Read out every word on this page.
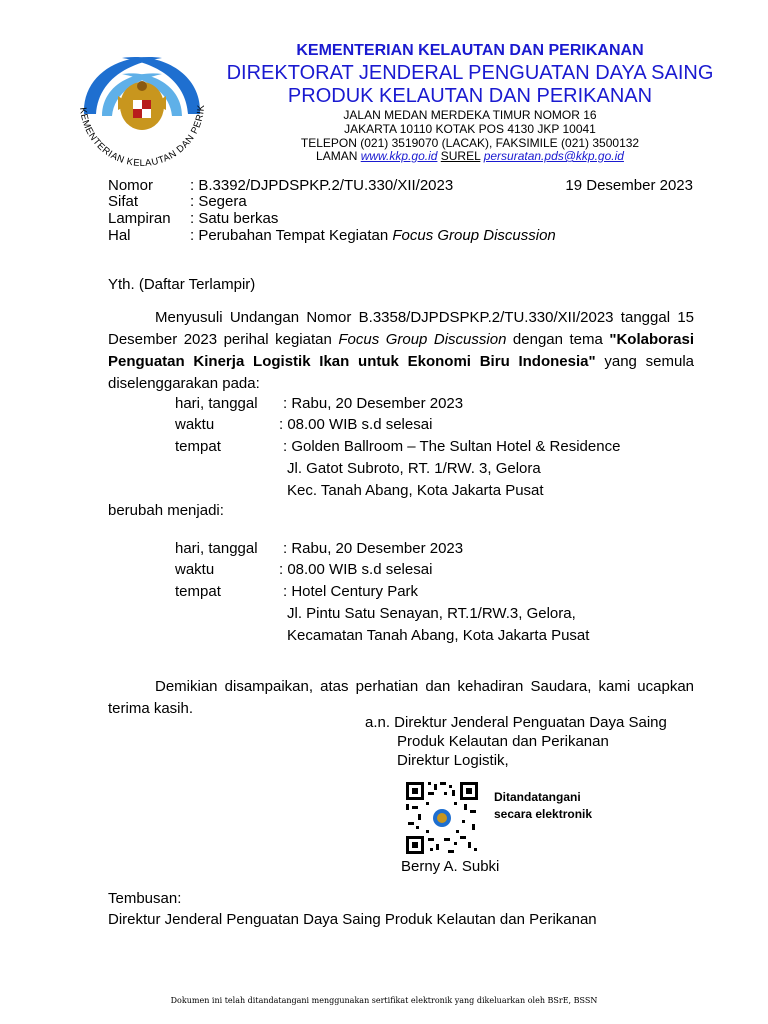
KEMENTERIAN KELAUTAN DAN PERIK
KEMENTERIAN KELAUTAN DAN PERIKANAN
DIREKTORAT JENDERAL PENGUATAN DAYA SAING
PRODUK KELAUTAN DAN PERIKANAN
JALAN MEDAN MERDEKA TIMUR NOMOR 16
JAKARTA 10110 KOTAK POS 4130 JKP 10041
TELEPON (021) 3519070 (LACAK), FAKSIMILE (021) 3500132
LAMAN www.kkp.go.id SUREL persuratan.pds@kkp.go.id
Nomor : B.3392/DJPDSPKP.2/TU.330/XII/2023	19 Desember 2023
Sifat	: Segera
Lampiran : Satu berkas
Hal	: Perubahan Tempat Kegiatan Focus Group Discussion
Yth. (Daftar Terlampir)
Menyusuli Undangan Nomor B.3358/DJPDSPKP.2/TU.330/XII/2023 tanggal 15 Desember 2023 perihal kegiatan Focus Group Discussion dengan tema "Kolaborasi Penguatan Kinerja Logistik Ikan untuk Ekonomi Biru Indonesia" yang semula diselenggarakan pada:
hari, tanggal : Rabu, 20 Desember 2023
waktu	: 08.00 WIB s.d selesai
tempat	: Golden Ballroom – The Sultan Hotel & Residence
Jl. Gatot Subroto, RT. 1/RW. 3, Gelora
Kec. Tanah Abang, Kota Jakarta Pusat
berubah menjadi:
hari, tanggal : Rabu, 20 Desember 2023
waktu	: 08.00 WIB s.d selesai
tempat	: Hotel Century Park
Jl. Pintu Satu Senayan, RT.1/RW.3, Gelora,
Kecamatan Tanah Abang, Kota Jakarta Pusat
Demikian disampaikan, atas perhatian dan kehadiran Saudara, kami ucapkan terima kasih.
a.n. Direktur Jenderal Penguatan Daya Saing
Produk Kelautan dan Perikanan
Direktur Logistik,
Ditandatangani
secara elektronik
Berny A. Subki
Tembusan:
Direktur Jenderal Penguatan Daya Saing Produk Kelautan dan Perikanan
Dokumen ini telah ditandatangani menggunakan sertifikat elektronik yang dikeluarkan oleh BSrE, BSSN
